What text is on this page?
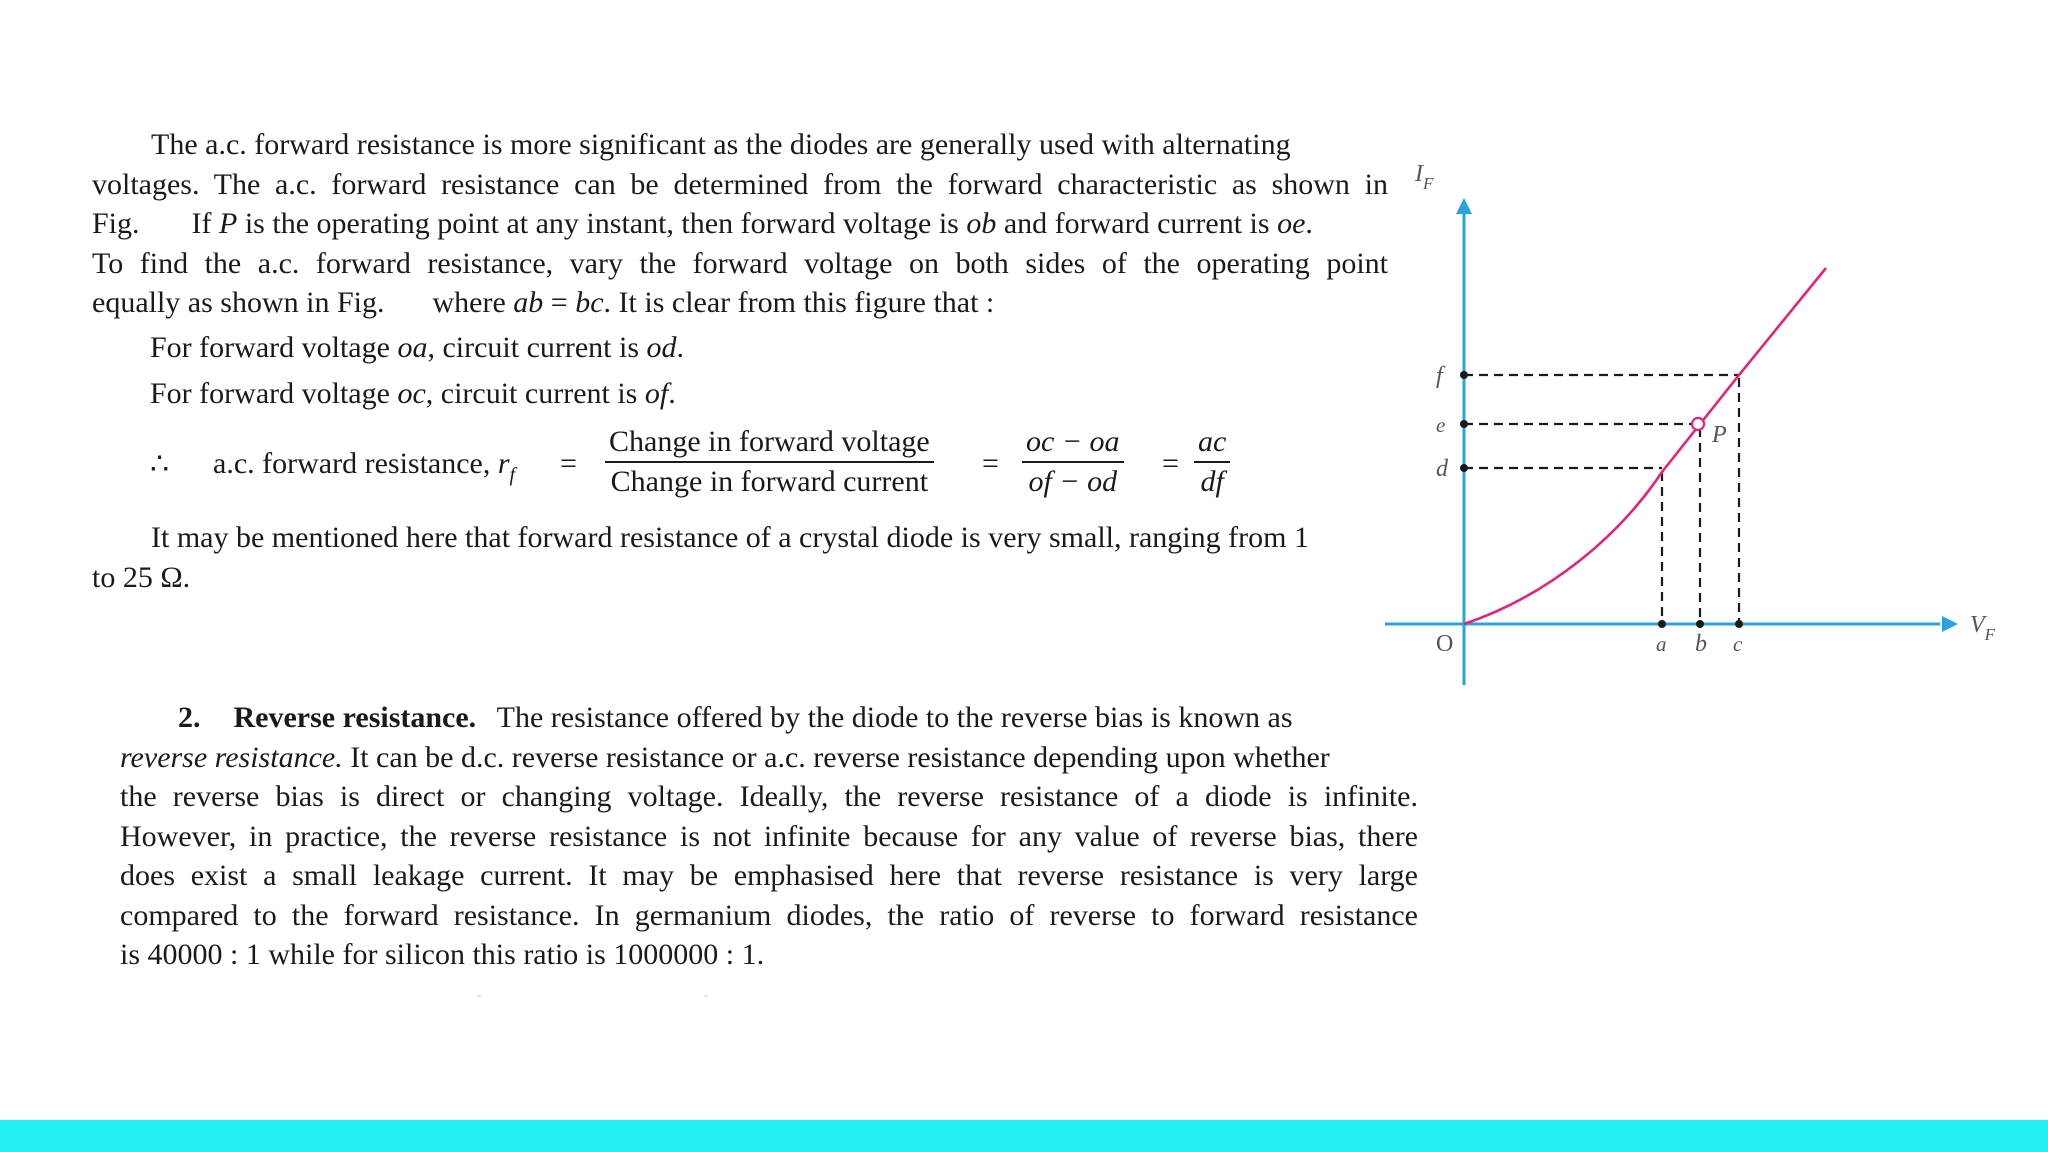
The a.c. forward resistance is more significant as the diodes are generally used with alternating
voltages. The a.c. forward resistance can be determined from the forward characteristic as shown in
Fig. If P is the operating point at any instant, then forward voltage is ob and forward current is oe.
To find the a.c. forward resistance, vary the forward voltage on both sides of the operating point
equally as shown in Fig. where ab = bc. It is clear from this figure that :
For forward voltage oa, circuit current is od.
For forward voltage oc, circuit current is of.
∴ a.c. forward resistance, $r_f$ =
Change in forward voltage
Change in forward current
= $\frac{oc - oa}{of - od} = \frac{ac}{df}$
It may be mentioned here that forward resistance of a crystal diode is very small, ranging from 1
to 25 Ω.
2. Reverse resistance. The resistance offered by the diode to the reverse bias is known as
reverse resistance. It can be d.c. reverse resistance or a.c. reverse resistance depending upon whether
the reverse bias is direct or changing voltage. Ideally, the reverse resistance of a diode is infinite.
However, in practice, the reverse resistance is not infinite because for any value of reverse bias, there
does exist a small leakage current. It may be emphasised here that reverse resistance is very large
compared to the forward resistance. In germanium diodes, the ratio of reverse to forward resistance
is 40000 : 1 while for silicon this ratio is 1000000 : 1.
$I_F$
$V_F$
f
e
d
a b c
P
O
